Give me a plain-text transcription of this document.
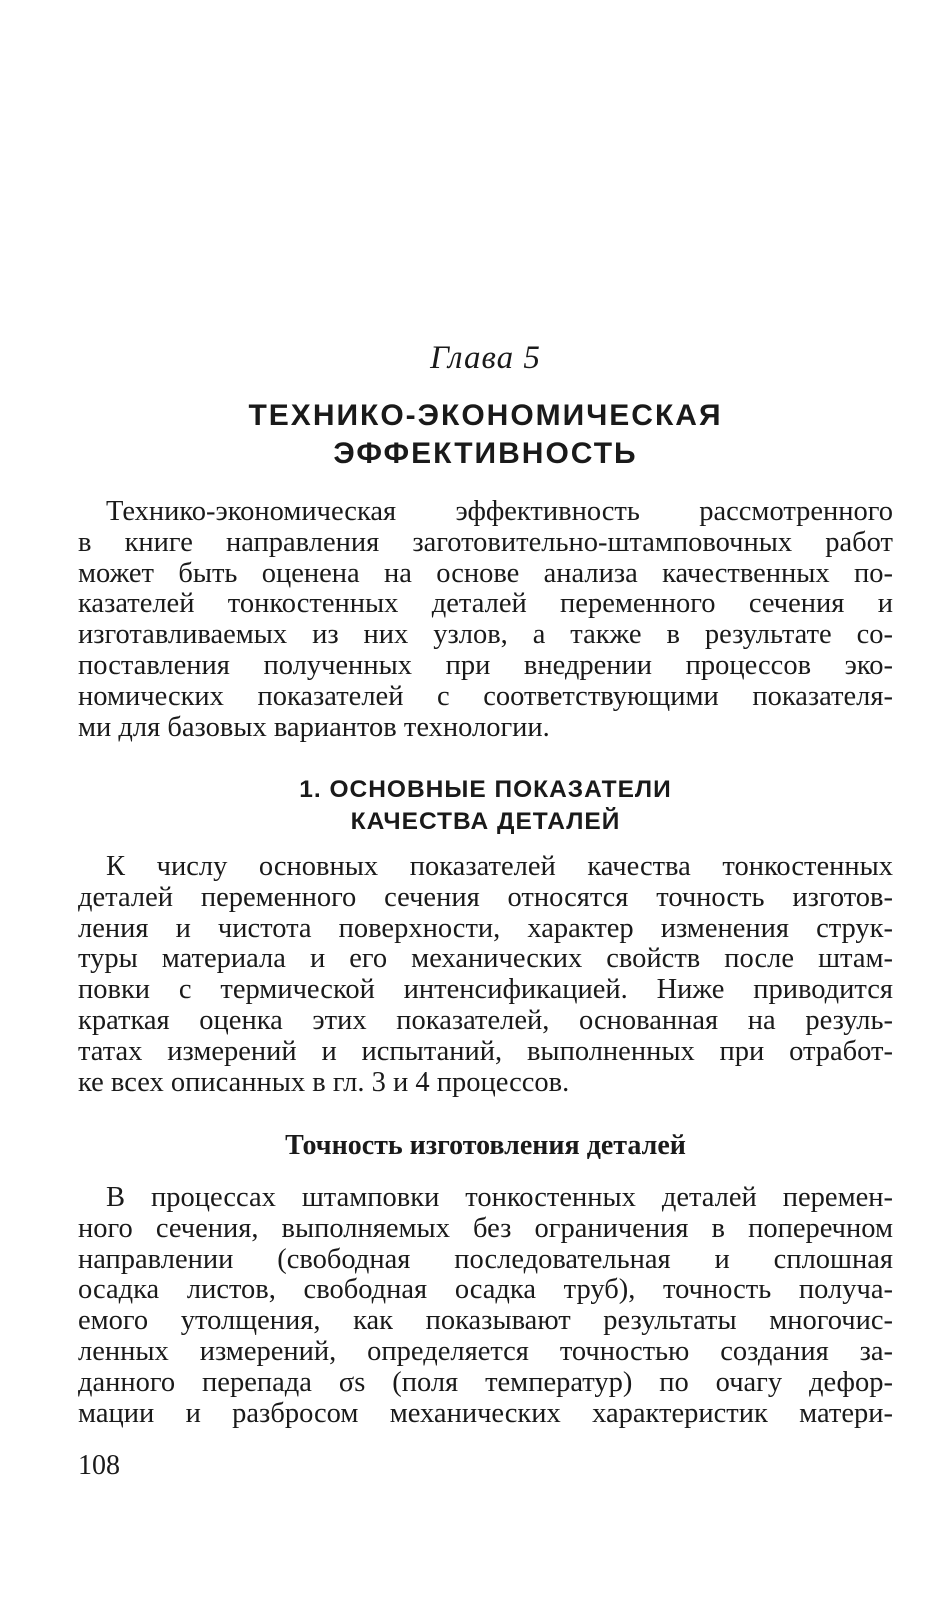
Глава 5
ТЕХНИКО-ЭКОНОМИЧЕСКАЯ
ЭФФЕКТИВНОСТЬ

Технико-экономическая эффективность рассмотренного
в книге направления заготовительно-штамповочных работ
может быть оценена на основе анализа качественных по-
казателей тонкостенных деталей переменного сечения и
изготавливаемых из них узлов, а также в результате со-
поставления полученных при внедрении процессов эко-
номических показателей с соответствующими показателя-
ми для базовых вариантов технологии.

1. ОСНОВНЫЕ ПОКАЗАТЕЛИ
КАЧЕСТВА ДЕТАЛЕЙ

К числу основных показателей качества тонкостенных
деталей переменного сечения относятся точность изготов-
ления и чистота поверхности, характер изменения струк-
туры материала и его механических свойств после штам-
повки с термической интенсификацией. Ниже приводится
краткая оценка этих показателей, основанная на резуль-
татах измерений и испытаний, выполненных при отработ-
ке всех описанных в гл. 3 и 4 процессов.

Точность изготовления деталей

В процессах штамповки тонкостенных деталей перемен-
ного сечения, выполняемых без ограничения в поперечном
направлении (свободная последовательная и сплошная
осадка листов, свободная осадка труб), точность получа-
емого утолщения, как показывают результаты многочис-
ленных измерений, определяется точностью создания за-
данного перепада σs (поля температур) по очагу дефор-
мации и разбросом механических характеристик матери-

108
